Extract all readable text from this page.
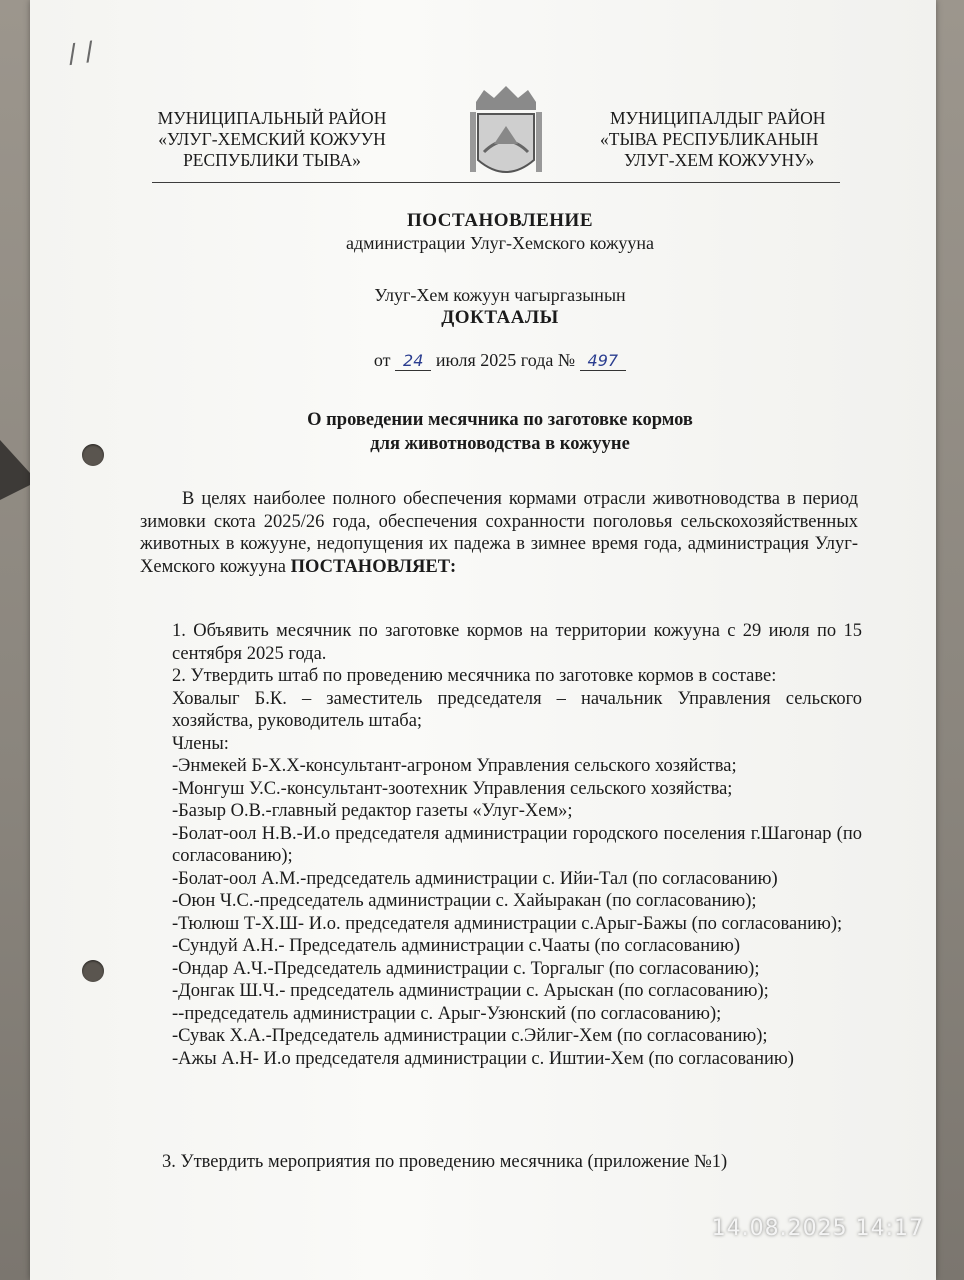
/ /
МУНИЦИПАЛЬНЫЙ РАЙОН
«УЛУГ-ХЕМСКИЙ КОЖУУН
РЕСПУБЛИКИ ТЫВА»
МУНИЦИПАЛДЫГ РАЙОН
«ТЫВА РЕСПУБЛИКАНЫН
УЛУГ-ХЕМ КОЖУУНУ»
ПОСТАНОВЛЕНИЕ
администрации Улуг-Хемского кожууна
Улуг-Хем кожуун чагыргазынын
ДОКТААЛЫ
от 24 июля 2025 года № 497
О проведении месячника по заготовке кормов
для животноводства в кожууне
В целях наиболее полного обеспечения кормами отрасли животноводства в период зимовки скота 2025/26 года, обеспечения сохранности поголовья сельскохозяйственных животных в кожууне, недопущения их падежа в зимнее время года, администрация Улуг-Хемского кожууна ПОСТАНОВЛЯЕТ:

1. Объявить месячник по заготовке кормов на территории кожууна с 29 июля по 15 сентября 2025 года.

2. Утвердить штаб по проведению месячника по заготовке кормов в составе:

Ховалыг Б.К. – заместитель председателя – начальник Управления сельского хозяйства, руководитель штаба;

Члены:

-Энмекей Б-Х.Х-консультант-агроном Управления сельского хозяйства;

-Монгуш У.С.-консультант-зоотехник Управления сельского хозяйства;

-Базыр О.В.-главный редактор газеты «Улуг-Хем»;

-Болат-оол Н.В.-И.о председателя администрации городского поселения г.Шагонар (по согласованию);

-Болат-оол А.М.-председатель администрации с. Ийи-Тал (по согласованию)

-Оюн Ч.С.-председатель администрации с. Хайыракан (по согласованию);

-Тюлюш Т-Х.Ш- И.о. председателя администрации с.Арыг-Бажы (по согласованию);

-Сундуй А.Н.- Председатель администрации с.Чааты (по согласованию)

-Ондар А.Ч.-Председатель администрации с. Торгалыг (по согласованию);

-Донгак Ш.Ч.- председатель администрации с. Арыскан (по согласованию);

--председатель администрации с. Арыг-Узюнский (по согласованию);

-Сувак Х.А.-Председатель администрации с.Эйлиг-Хем (по согласованию);

-Ажы А.Н- И.о председателя администрации с. Иштии-Хем (по согласованию)

3. Утвердить мероприятия по проведению месячника (приложение №1)
14.08.2025 14:17
